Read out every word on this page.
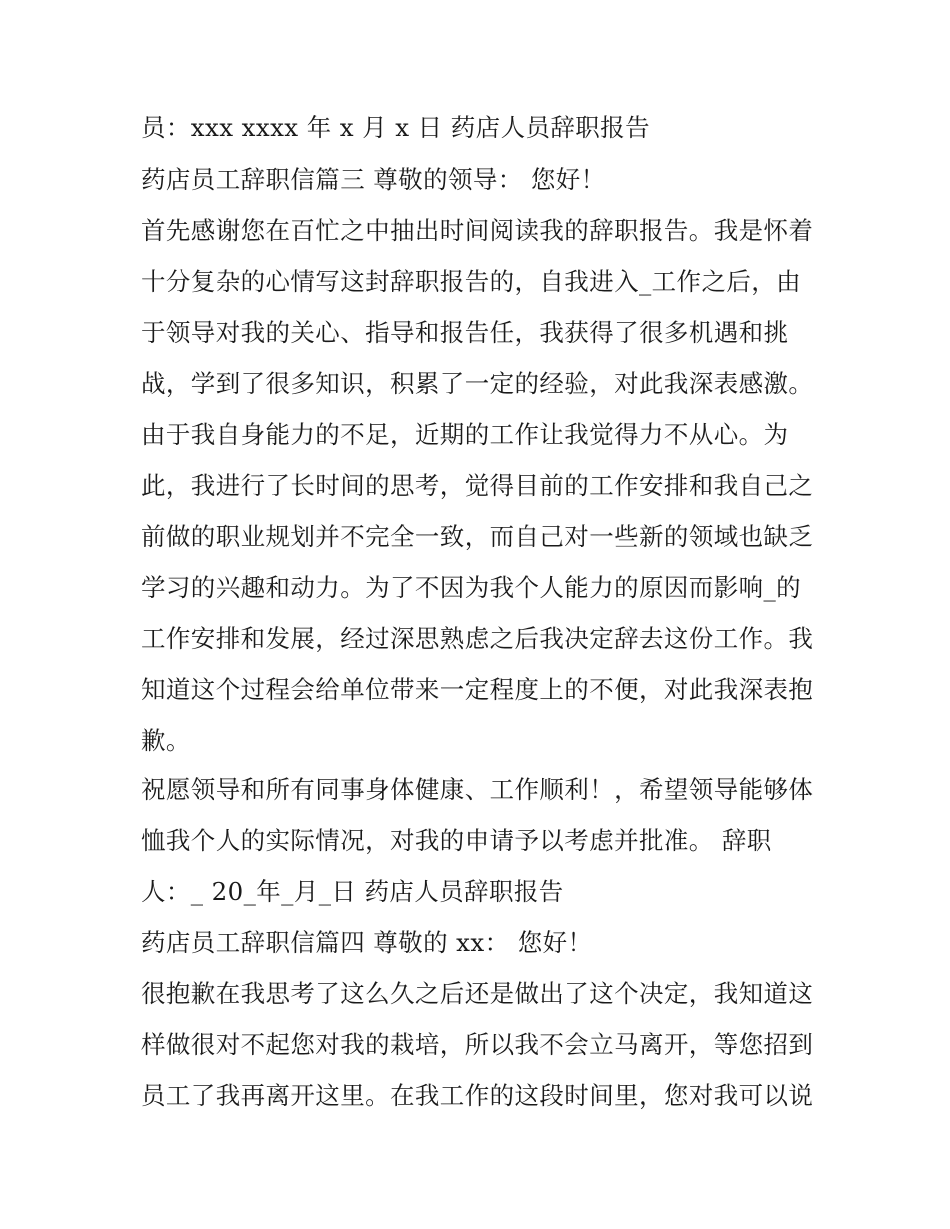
员：xxx xxxx 年 x 月 x 日 药店人员辞职报告
药店员工辞职信篇三 尊敬的领导： 您好！
首先感谢您在百忙之中抽出时间阅读我的辞职报告。我是怀着
十分复杂的心情写这封辞职报告的，自我进入_工作之后，由
于领导对我的关心、指导和报告任，我获得了很多机遇和挑
战，学到了很多知识，积累了一定的经验，对此我深表感激。
由于我自身能力的不足，近期的工作让我觉得力不从心。为
此，我进行了长时间的思考，觉得目前的工作安排和我自己之
前做的职业规划并不完全一致，而自己对一些新的领域也缺乏
学习的兴趣和动力。为了不因为我个人能力的原因而影响_的
工作安排和发展，经过深思熟虑之后我决定辞去这份工作。我
知道这个过程会给单位带来一定程度上的不便，对此我深表抱
歉。
祝愿领导和所有同事身体健康、工作顺利！，希望领导能够体
恤我个人的实际情况，对我的申请予以考虑并批准。 辞职
人：_ 20_年_月_日 药店人员辞职报告
药店员工辞职信篇四 尊敬的 xx： 您好！
很抱歉在我思考了这么久之后还是做出了这个决定，我知道这
样做很对不起您对我的栽培，所以我不会立马离开，等您招到
员工了我再离开这里。在我工作的这段时间里，您对我可以说
